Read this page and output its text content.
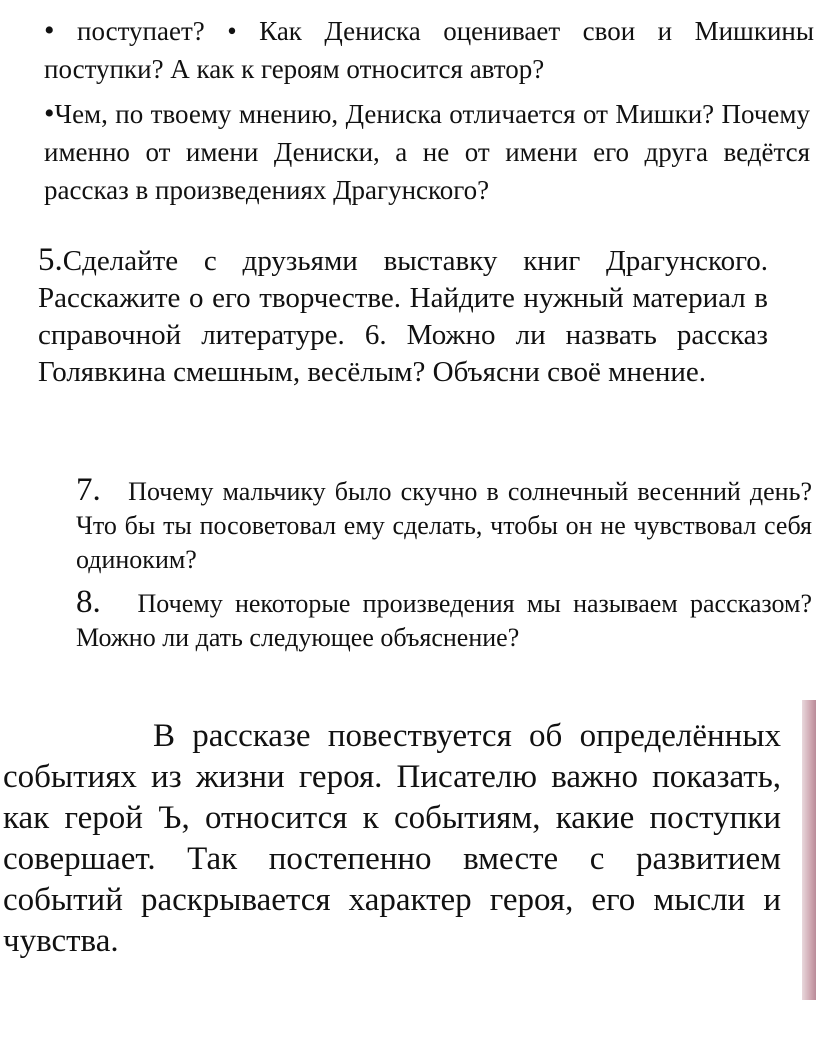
• поступает? • Как Дениска оценивает свои и Мишкины поступки? А как к героям относится автор?

•Чем, по твоему мнению, Дениска отличается от Мишки? Почему именно от имени Дениски, а не от имени его друга ведётся рассказ в произведениях Драгунского?

5.Сделайте с друзьями выставку книг Драгунского. Расскажите о его творчестве. Найдите нужный материал в справочной литературе. 6. Можно ли назвать рассказ Голявкина смешным, весёлым? Объясни своё мнение.

7. Почему мальчику было скучно в солнечный весенний день? Что бы ты посоветовал ему сделать, чтобы он не чувствовал себя одиноким?

8. Почему некоторые произведения мы называем рассказом? Можно ли дать следующее объяснение?

В рассказе повествуется об определённых событиях из жизни героя. Писателю важно показать, как герой Ъ, относится к событиям, какие поступки совершает. Так постепенно вместе с развитием событий раскрывается характер героя, его мысли и чувства.
